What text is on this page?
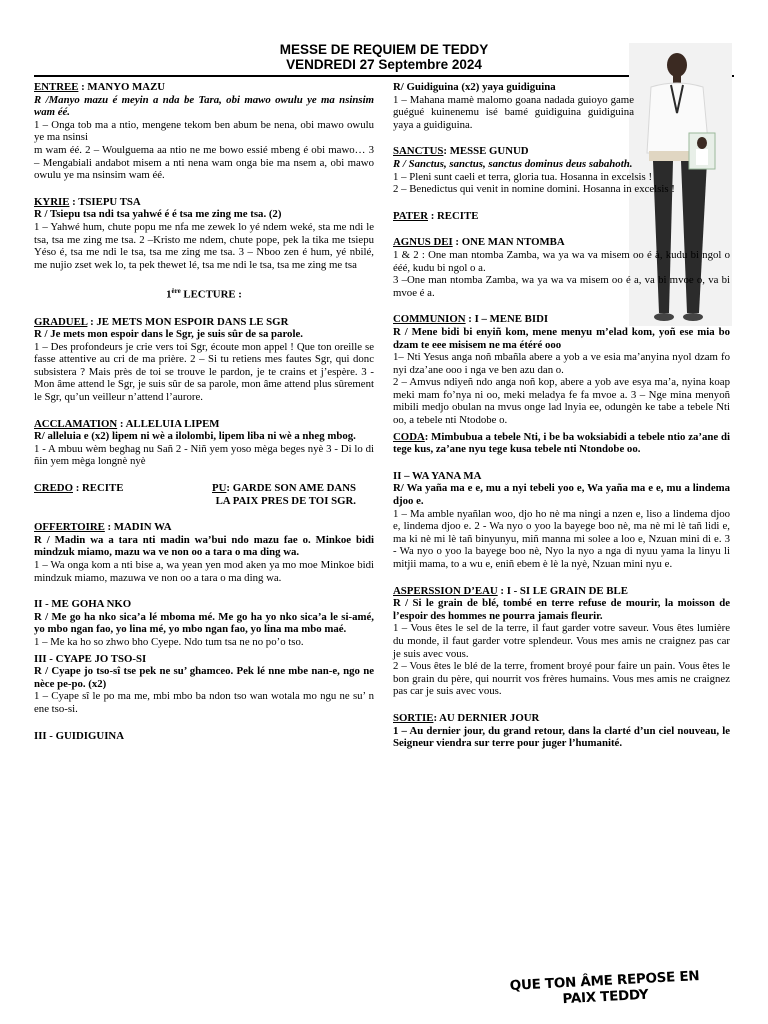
MESSE DE REQUIEM DE TEDDY
VENDREDI 27 Septembre 2024
ENTREE : MANYO MAZU
R /Manyo mazu é meyin a nda be Tara, obi mawo owulu ye ma nsinsim wam éé.
1 – Onga tob ma a ntio, mengene tekom ben abum be nena, obi mawo owulu ye ma nsinsi
m wam éé. 2 – Woulguema aa ntio ne me bowo essié mbeng é obi mawo… 3 – Mengabiali andabot misem a nti nena wam onga bie ma nsem a, obi mawo owulu ye ma nsinsim wam éé.
KYRIE : TSIEPU TSA
R / Tsiepu tsa ndi tsa yahwé é é tsa me zing me tsa. (2)
1 – Yahwé hum, chute popu me nfa me zewek lo yé ndem weké, sta me ndi le tsa, tsa me zing me tsa. 2 –Kristo me ndem, chute pope, pek la tika me tsiepu Yéso é, tsa me ndi le tsa, tsa me zing me tsa. 3 – Nboo zen é hum, yé nbilé, me nujio zset wek lo, ta pek thewet lé, tsa me ndi le tsa, tsa me zing me tsa
1ère LECTURE :
GRADUEL : JE METS MON ESPOIR DANS LE SGR
R / Je mets mon espoir dans le Sgr, je suis sûr de sa parole.
1 – Des profondeurs je crie vers toi Sgr, écoute mon appel ! Que ton oreille se fasse attentive au cri de ma prière. 2 – Si tu retiens mes fautes Sgr, qui donc subsistera ? Mais près de toi se trouve le pardon, je te crains et j’espère. 3 - Mon âme attend le Sgr, je suis sûr de sa parole, mon âme attend plus sûrement le Sgr, qu’un veilleur n’attend l’aurore.
ACCLAMATION : ALLELUIA LIPEM
R/ alleluia e (x2) lipem ni wè a ilolombi, lipem liba ni wè a nheg mbog.
1 - A mbuu wèm beghag nu Sañ 2 - Niñ yem yoso mèga beges nyè 3 - Di lo di ñin yem mèga longnè nyè
CREDO : RECITE	PU: GARDE SON AME DANS
LA PAIX PRES DE TOI SGR.
OFFERTOIRE : MADIN WA
R / Madin wa a tara nti madin wa’bui ndo mazu fae o. Minkoe bidi mindzuk miamo, mazu wa ve non oo a tara o ma ding wa.
1 – Wa onga kom a nti bise a, wa yean yen mod aken ya mo moe Minkoe bidi mindzuk miamo, mazuwa ve non oo a tara o ma ding wa.
II - ME GOHA NKO
R / Me go ha nko sica’a lé mboma mé. Me go ha yo nko sica’a le si-amé, yo mbo ngan fao, yo lina mé, yo mbo ngan fao, yo lina ma mbo maé.
1 – Me ka ho so zhwo bho Cyepe. Ndo tum tsa ne no po’o tso.
III - CYAPE JO TSO-SI
R / Cyape jo tso-sî tse pek ne su’ ghamceo. Pek lé nne mbe nan-e, ngo ne nèce pe-po. (x2)
1 – Cyape sî le po ma me, mbi mbo ba ndon tso wan wotala mo ngu ne su’ n ene tso-si.
III - GUIDIGUINA
R/ Guidiguina (x2) yaya guidiguina
1 – Mahana mamè malomo goana nadada guioyo game guégué kuinenemu isé bamé guidiguina guidiguina yaya a guidiguina.
SANCTUS: MESSE GUNUD
R / Sanctus, sanctus, sanctus dominus deus sabahoth.
1 – Pleni sunt caeli et terra, gloria tua. Hosanna in excelsis !
2 – Benedictus qui venit in nomine domini. Hosanna in excelsis !
PATER : RECITE
AGNUS DEI : ONE MAN NTOMBA
1 & 2 : One man ntomba Zamba, wa ya wa va misem oo é à, kudu bi ngol o ééé, kudu bi ngol o a.
3 –One man ntomba Zamba, wa ya wa va misem oo é a, va bi mvoe o, va bi mvoe é a.
COMMUNION : I – MENE BIDI
R / Mene bidi bi enyiñ kom, mene menyu m’elad kom, yoñ ese mia bo dzam te eee misisem ne ma étéré ooo
1– Nti Yesus anga noñ mbañla abere a yob a ve esia ma’anyina nyol dzam fo nyi dza’ane ooo i nga ve ben azu dan o.
2 – Amvus ndiyeñ ndo anga noñ kop, abere a yob ave esya ma’a, nyina koap meki mam fo’nya ni oo, meki meladya fe fa mvoe a. 3 – Nge mina menyoñ mibili medjo obulan na mvus onge lad lnyia ee, odungèn ke tabe a tebele Nti oo, a tebele nti Ntodobe o.
CODA: Mimbubua a tebele Nti, i be ba woksiabidi a tebele ntio za’ane di tege kus, za’ane nyu tege kusa tebele nti Ntondobe oo.
II – WA YANA MA
R/ Wa yaña ma e e, mu a nyi tebeli yoo e, Wa yaña ma e e, mu a lindema djoo e.
1 – Ma amble nyañlan woo, djo ho nè ma ningi a nzen e, liso a lindema djoo e, lindema djoo e. 2 - Wa nyo o yoo la bayege boo nè, ma nè mi lè tañ lidi e, ma ki nè mi lè tañ binyunyu, miñ manna mi solee a loo e, Nzuan mini di e. 3 - Wa nyo o yoo la bayege boo nè, Nyo la nyo a nga di nyuu yama la linyu li mitjii mama, to a wu e, eniñ ebem è lè la nyè, Nzuan mini nyu e.
ASPERSSION D’EAU : I - SI LE GRAIN DE BLE
R / Si le grain de blé, tombé en terre refuse de mourir, la moisson de l’espoir des hommes ne pourra jamais fleurir.
1 – Vous êtes le sel de la terre, il faut garder votre saveur. Vous êtes lumière du monde, il faut garder votre splendeur. Vous mes amis ne craignez pas car je suis avec vous.
2 – Vous êtes le blé de la terre, froment broyé pour faire un pain. Vous êtes le bon grain du père, qui nourrit vos frères humains. Vous mes amis ne craignez pas car je suis avec vous.
SORTIE: AU DERNIER JOUR
1 – Au dernier jour, du grand retour, dans la clarté d’un ciel nouveau, le Seigneur viendra sur terre pour juger l’humanité.
QUE TON ÂME REPOSE EN PAIX TEDDY
